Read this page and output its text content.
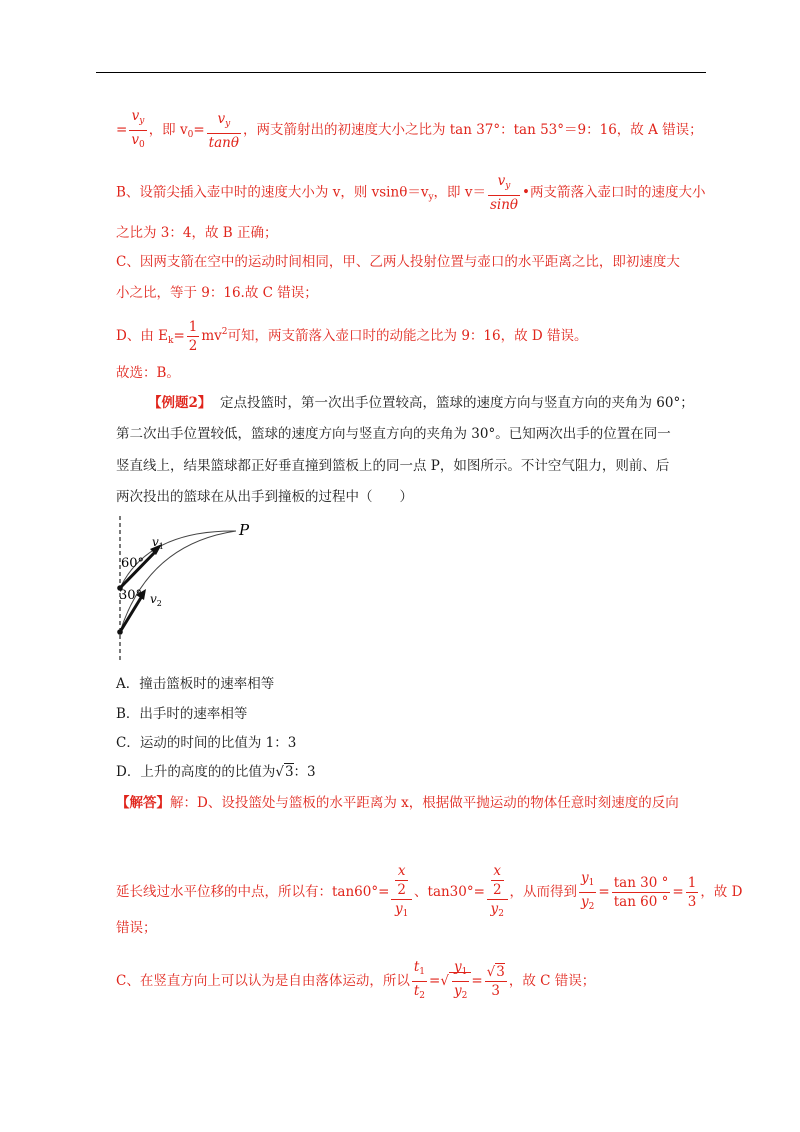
= $\frac{v_y}{v_0}$ ，即 $v_0= \frac{v_y}{\tan\theta}$ ，两支箭射出的初速度大小之比为 tan 37°：tan 53°＝9：16，故 A 错误；
B、设箭尖插入壶中时的速度大小为 v，则 $vsin\theta=v_y$，即 $v= \frac{v_y}{\sin\theta}$ •两支箭落入壶口时的速度大小
之比为 3：4，故 B 正确；
C、因两支箭在空中的运动时间相同，甲、乙两人投射位置与壶口的水平距离之比，即初速度大
小之比，等于 9：16.故 C 错误；
D、由 $E_k= \frac{1}{2} mv^2$可知，两支箭落入壶口时的动能之比为 9：16，故 D 错误。
故选：B。
【例题2】 定点投篮时，第一次出手位置较高，篮球的速度方向与竖直方向的夹角为 60°；
第二次出手位置较低，篮球的速度方向与竖直方向的夹角为 30°。已知两次出手的位置在同一
竖直线上，结果篮球都正好垂直撞到篮板上的同一点 P，如图所示。不计空气阻力，则前、后
两次投出的篮球在从出手到撞板的过程中（　　）
60°
30°
$v_1$
$v_2$
P
A．撞击篮板时的速率相等
B．出手时的速率相等
C．运动的时间的比值为 1：3
D．上升的高度的的比值为√3：3
【解答】解：D、设投篮处与篮板的水平距离为 x，根据做平抛运动的物体任意时刻速度的反向
延长线过水平位移的中点，所以有：$\tan 60^\circ= \frac{\frac{x}{2}}{y_1}$ 、$\tan 30^\circ= \frac{\frac{x}{2}}{y_2}$ ，从而得到 $\frac{y_1}{y_2} = \frac{\tan 30 ^\circ}{\tan 60 ^\circ} = \frac{1}{3}$ ，故 D
错误；
C、在竖直方向上可以认为是自由落体运动，所以 $\frac{t_1}{t_2}$ =√ $\frac{y_1}{y_2} = \frac{√3}{3}$ ，故 C 错误；
